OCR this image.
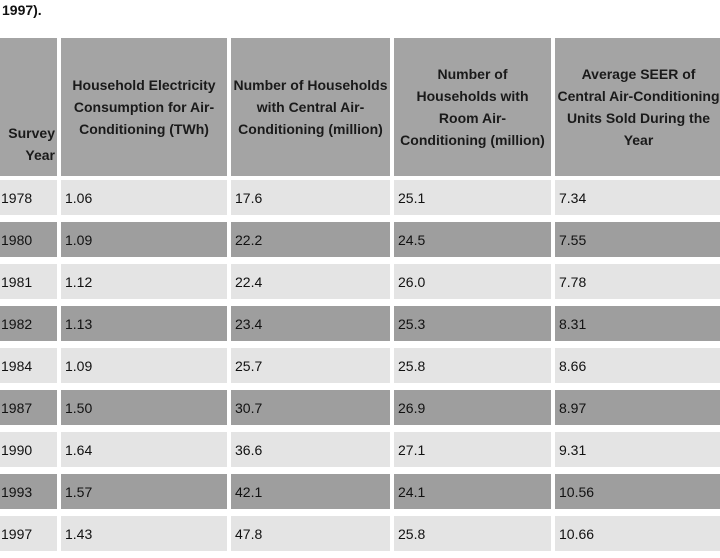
1997).
Survey Year	Household Electricity Consumption for Air-Conditioning (TWh)	Number of Households with Central Air-Conditioning (million)	Number of Households with Room Air-Conditioning (million)	Average SEER of Central Air-Conditioning Units Sold During the Year
1978	1.06	17.6	25.1	7.34
1980	1.09	22.2	24.5	7.55
1981	1.12	22.4	26.0	7.78
1982	1.13	23.4	25.3	8.31
1984	1.09	25.7	25.8	8.66
1987	1.50	30.7	26.9	8.97
1990	1.64	36.6	27.1	9.31
1993	1.57	42.1	24.1	10.56
1997	1.43	47.8	25.8	10.66
